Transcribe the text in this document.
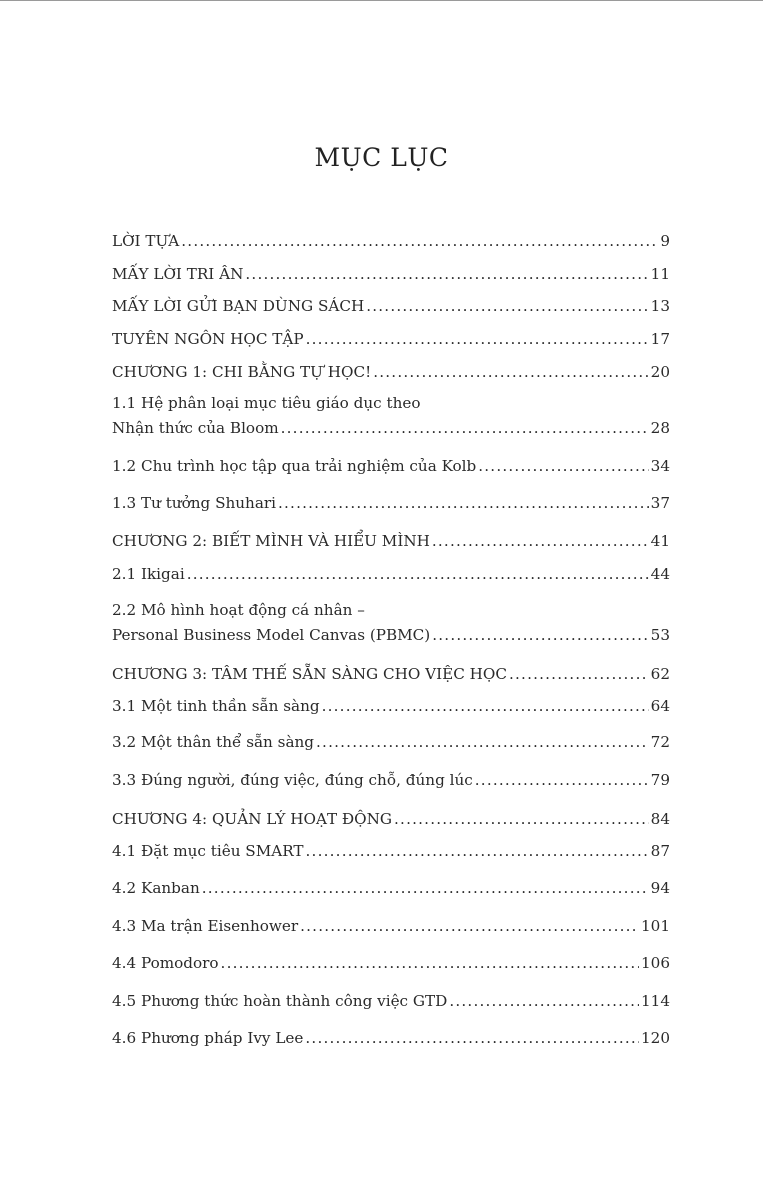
MỤC LỤC
LỜI TỰA .....	9
MẤY LỜI TRI ÂN .....	11
MẤY LỜI GỬI BẠN DÙNG SÁCH .....	13
TUYÊN NGÔN HỌC TẬP .....	17
CHƯƠNG 1: CHI BẰNG TỰ HỌC! .....	20
1.1 Hệ phân loại mục tiêu giáo dục theo
Nhận thức của Bloom .....	28
1.2 Chu trình học tập qua trải nghiệm của Kolb .....	34
1.3 Tư tưởng Shuhari .....	37
CHƯƠNG 2: BIẾT MÌNH VÀ HIỂU MÌNH .....	41
2.1 Ikigai .....	44
2.2 Mô hình hoạt động cá nhân –
Personal Business Model Canvas (PBMC) .....	53
CHƯƠNG 3: TÂM THẾ SẴN SÀNG CHO VIỆC HỌC .....	62
3.1 Một tinh thần sẵn sàng .....	64
3.2 Một thân thể sẵn sàng .....	72
3.3 Đúng người, đúng việc, đúng chỗ, đúng lúc .....	79
CHƯƠNG 4: QUẢN LÝ HOẠT ĐỘNG .....	84
4.1 Đặt mục tiêu SMART .....	87
4.2 Kanban .....	94
4.3 Ma trận Eisenhower .....	101
4.4 Pomodoro .....	106
4.5 Phương thức hoàn thành công việc GTD .....	114
4.6 Phương pháp Ivy Lee .....	120
